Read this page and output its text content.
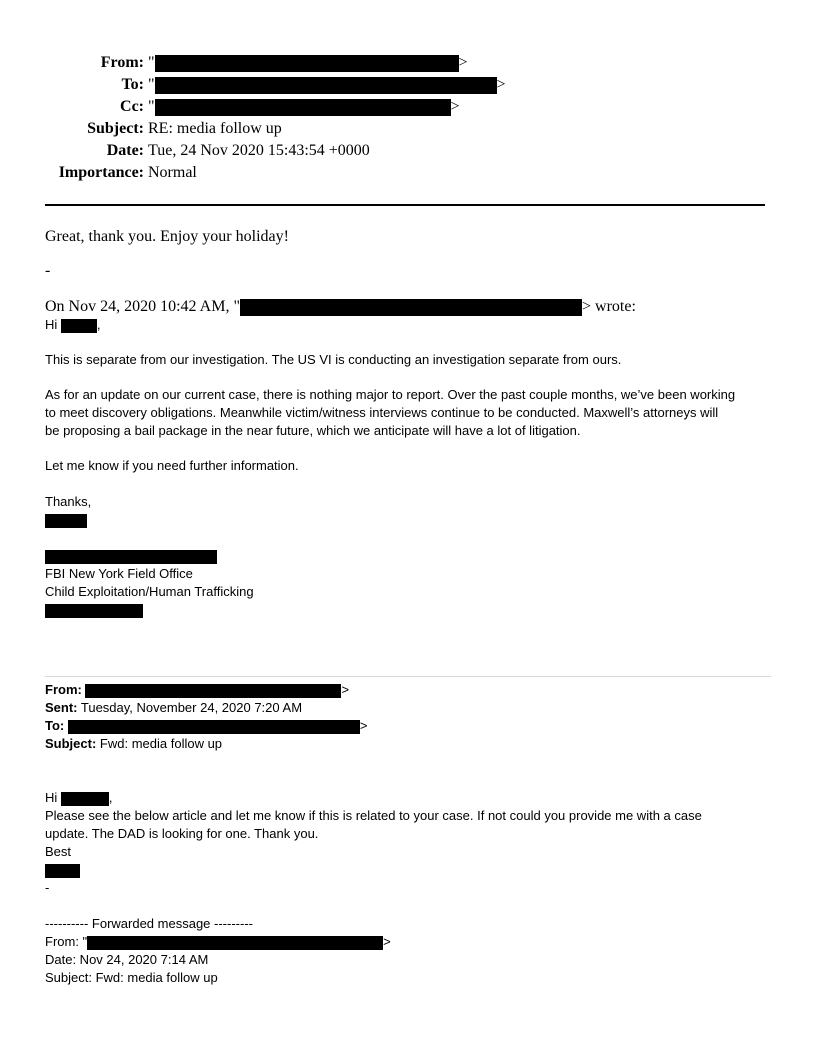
From: "	>
To: "	>
Cc: "	>
Subject: RE: media follow up
Date: Tue, 24 Nov 2020 15:43:54 +0000
Importance: Normal
Great, thank you. Enjoy your holiday!
-
On Nov 24, 2020 10:42 AM, "	> wrote:
Hi	,
This is separate from our investigation. The US VI is conducting an investigation separate from ours.
As for an update on our current case, there is nothing major to report. Over the past couple months, we’ve been working
to meet discovery obligations. Meanwhile victim/witness interviews continue to be conducted. Maxwell’s attorneys will
be proposing a bail package in the near future, which we anticipate will have a lot of litigation.
Let me know if you need further information.
Thanks,
FBI New York Field Office
Child Exploitation/Human Trafficking
From:	>
Sent: Tuesday, November 24, 2020 7:20 AM
To:	>
Subject: Fwd: media follow up
Hi	,
Please see the below article and let me know if this is related to your case. If not could you provide me with a case
update. The DAD is looking for one. Thank you.
Best
-
---------- Forwarded message ---------
From: "	>
Date: Nov 24, 2020 7:14 AM
Subject: Fwd: media follow up
